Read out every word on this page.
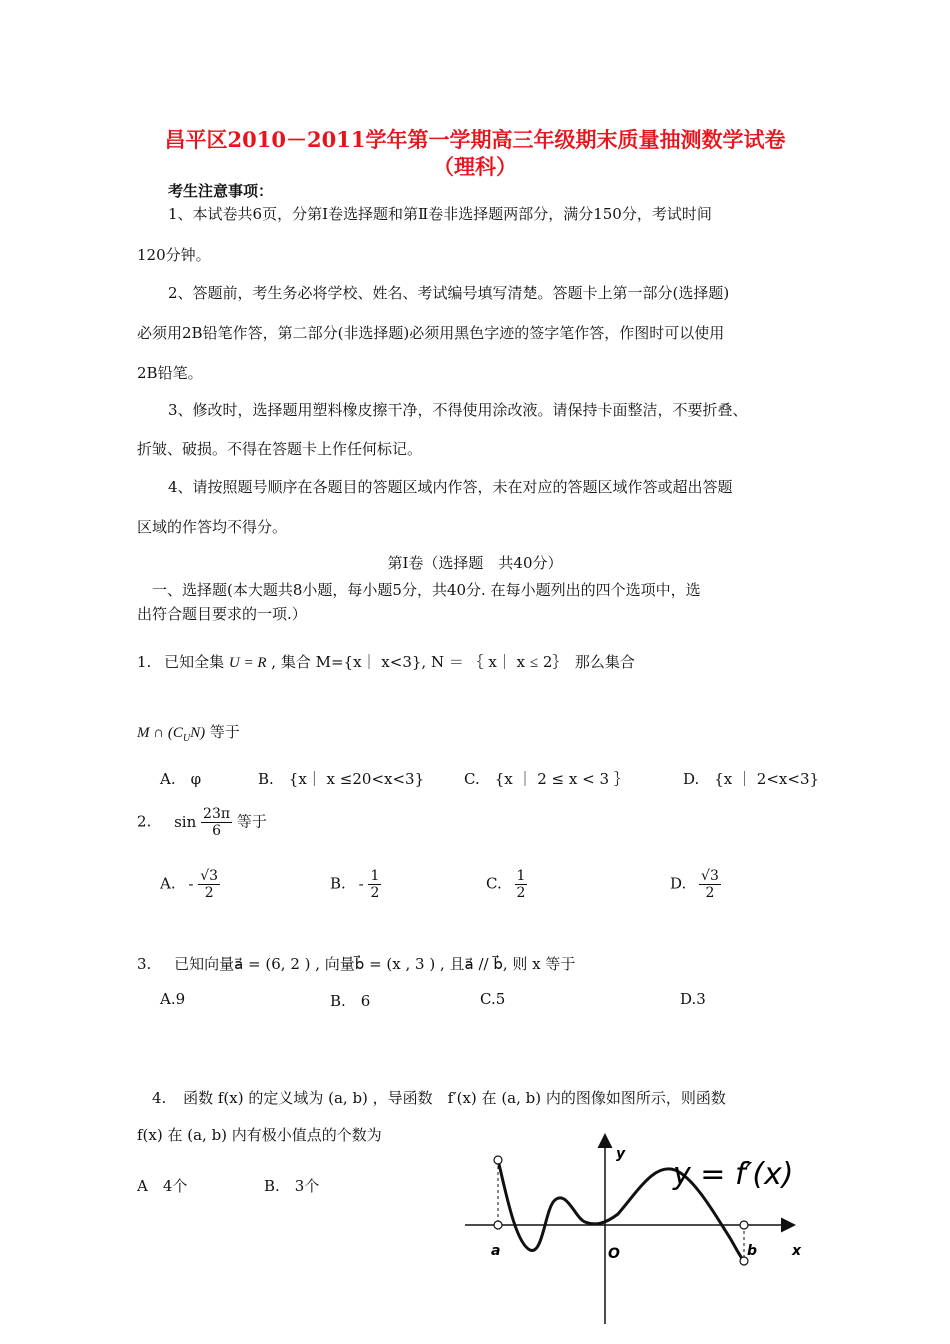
昌平区2010－2011学年第一学期高三年级期末质量抽测数学试卷
（理科）
考生注意事项：
1、本试卷共6页，分第Ⅰ卷选择题和第Ⅱ卷非选择题两部分，满分150分，考试时间
120分钟。
2、答题前，考生务必将学校、姓名、考试编号填写清楚。答题卡上第一部分(选择题)
必须用2B铅笔作答，第二部分(非选择题)必须用黑色字迹的签字笔作答，作图时可以使用
2B铅笔。
3、修改时，选择题用塑料橡皮擦干净，不得使用涂改液。请保持卡面整洁，不要折叠、
折皱、破损。不得在答题卡上作任何标记。
4、请按照题号顺序在各题目的答题区域内作答，未在对应的答题区域作答或超出答题
区域的作答均不得分。
第Ⅰ卷（选择题　共40分）
一、选择题(本大题共8小题，每小题5分，共40分. 在每小题列出的四个选项中，选
出符合题目要求的一项.）
1. 已知全集 U = R , 集合 M={x｜ x<3}, N ＝ ｛ x｜ x ≤ 2｝　那么集合
M ∩ $(C_UN)$ 等于
A.　φ	B.　{x｜ x ≤20<x<3}	C.　{x ｜ 2 ≤ x < 3 ｝	D.　{x ｜ 2<x<3}
2. $\sin \frac{23\pi}{6}$ 等于
A. - $\frac{√3}{2}$	B. - $\frac{1}{2}$	C. $\frac{1}{2}$	D. $\frac{√3}{2}$
3. 已知向量a⃗ = (6, 2 ) , 向量b⃗ = (x , 3 ) , 且a⃗ // b⃗, 则 x 等于
A.9	B.　6	C.5	D.3
4. 函数 f(x) 的定义域为 (a, b) ，导函数　f′(x) 在 (a, b) 内的图像如图所示，则函数
f(x) 在 (a, b) 内有极小值点的个数为
A　4个	B.　3个
y
x
a	b
O
y = f′(x)
